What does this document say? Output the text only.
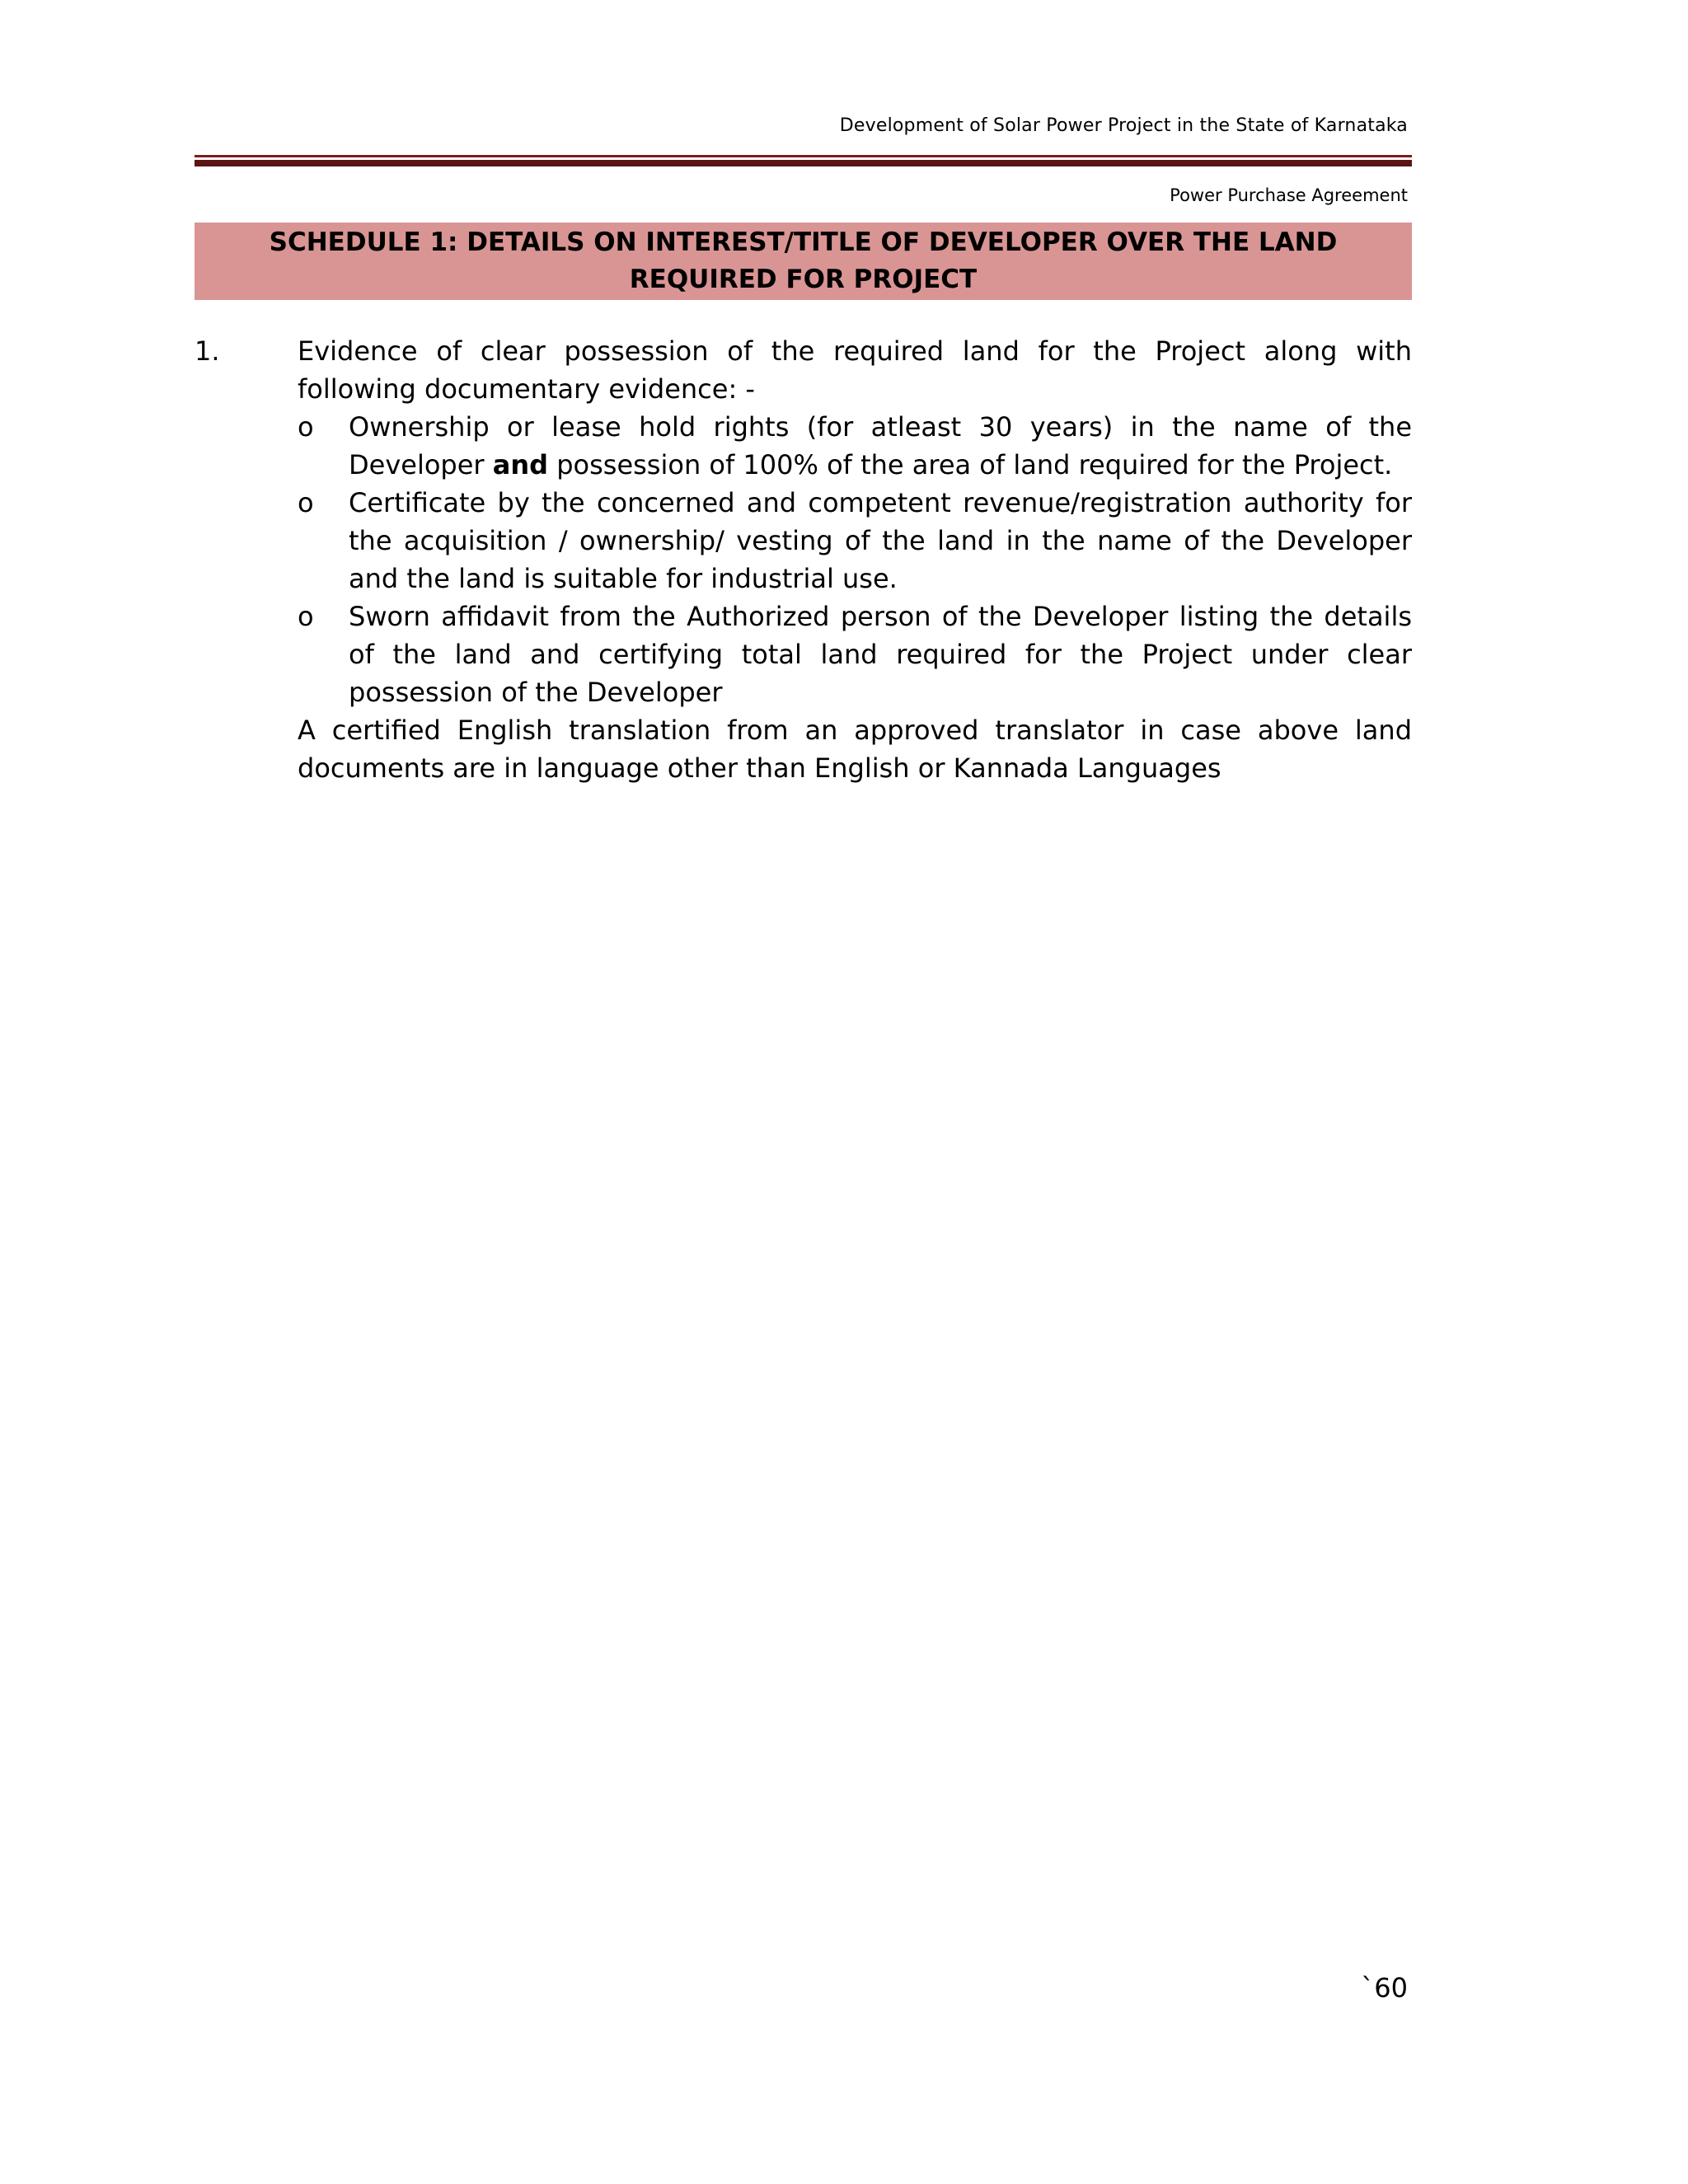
Development of Solar Power Project in the State of Karnataka
Power Purchase Agreement
SCHEDULE 1: DETAILS ON INTEREST/TITLE OF DEVELOPER OVER THE LAND REQUIRED FOR PROJECT
1.	Evidence of clear possession of the required land for the Project along with following documentary evidence: -
o Ownership or lease hold rights (for atleast 30 years) in the name of the Developer and possession of 100% of the area of land required for the Project.
o Certificate by the concerned and competent revenue/registration authority for the acquisition / ownership/ vesting of the land in the name of the Developer and the land is suitable for industrial use.
o Sworn affidavit from the Authorized person of the Developer listing the details of the land and certifying total land required for the Project under clear possession of the Developer
A certified English translation from an approved translator in case above land documents are in language other than English or Kannada Languages
`60
